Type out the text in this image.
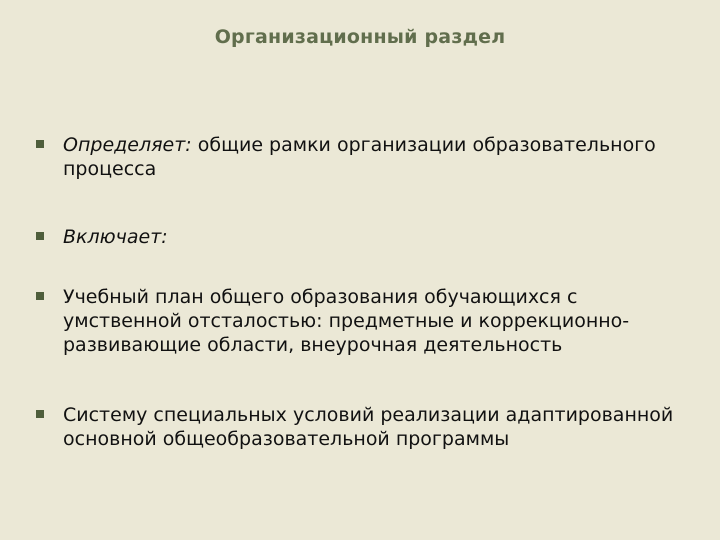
Организационный раздел
Определяет: общие рамки организации образовательного процесса
Включает:
Учебный план общего образования обучающихся с умственной отсталостью: предметные и коррекционно-развивающие области, внеурочная деятельность
Систему специальных условий реализации адаптированной основной общеобразовательной программы
